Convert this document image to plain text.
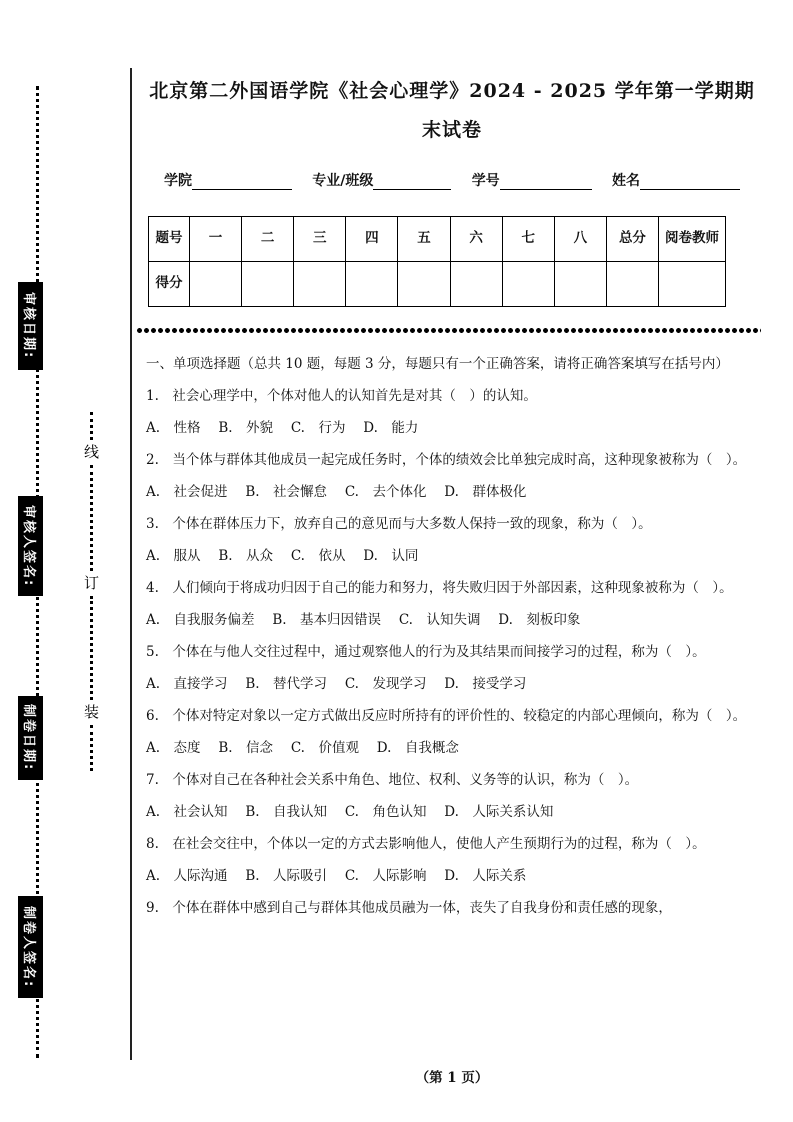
审核日期:
审核人签名:
制卷日期:
制卷人签名:
线
订
装
北京第二外国语学院《社会心理学》2024 - 2025 学年第一学期期
末试卷
学院	专业/班级	学号	姓名
题号	一	二	三	四	五	六	七	八	总分	阅卷教师
得分										

一、单项选择题（总共 10 题，每题 3 分，每题只有一个正确答案，请将正确答案填写在括号内）

1.　社会心理学中，个体对他人的认知首先是对其（　）的认知。

A.　性格　 B.　外貌　 C.　行为　 D.　能力

2.　当个体与群体其他成员一起完成任务时，个体的绩效会比单独完成时高，这种现象被称为（　）。

A.　社会促进　 B.　社会懈怠　 C.　去个体化　 D.　群体极化

3.　个体在群体压力下，放弃自己的意见而与大多数人保持一致的现象，称为（　）。

A.　服从　 B.　从众　 C.　依从　 D.　认同

4.　人们倾向于将成功归因于自己的能力和努力，将失败归因于外部因素，这种现象被称为（　）。

A.　自我服务偏差　 B.　基本归因错误　 C.　认知失调　 D.　刻板印象

5.　个体在与他人交往过程中，通过观察他人的行为及其结果而间接学习的过程，称为（　）。

A.　直接学习　 B.　替代学习　 C.　发现学习　 D.　接受学习

6.　个体对特定对象以一定方式做出反应时所持有的评价性的、较稳定的内部心理倾向，称为（　）。

A.　态度　 B.　信念　 C.　价值观　 D.　自我概念

7.　个体对自己在各种社会关系中角色、地位、权利、义务等的认识，称为（　）。

A.　社会认知　 B.　自我认知　 C.　角色认知　 D.　人际关系认知

8.　在社会交往中，个体以一定的方式去影响他人，使他人产生预期行为的过程，称为（　）。

A.　人际沟通　 B.　人际吸引　 C.　人际影响　 D.　人际关系

9.　个体在群体中感到自己与群体其他成员融为一体，丧失了自我身份和责任感的现象，

（第 1 页）
